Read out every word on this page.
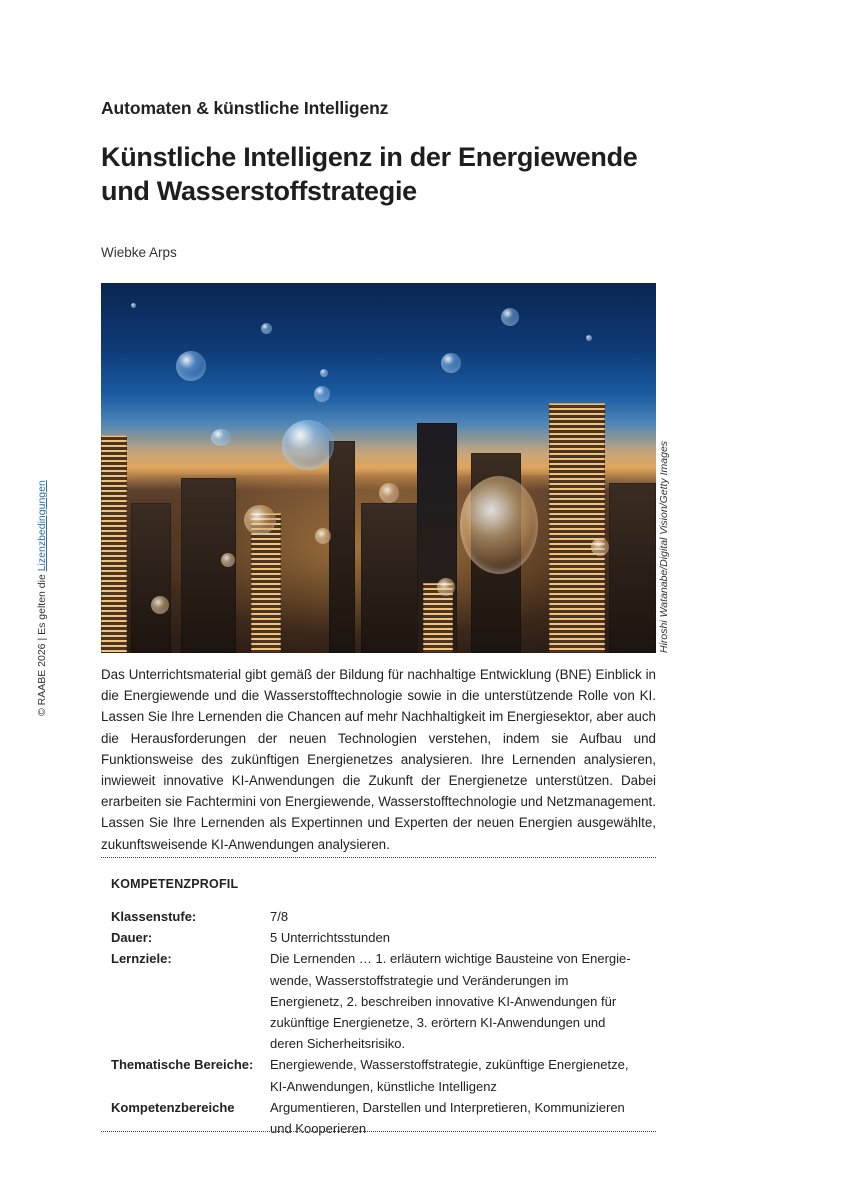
Automaten & künstliche Intelligenz
Künstliche Intelligenz in der Energiewende und Wasserstoffstrategie
Wiebke Arps
Hiroshi Watanabe/Digital Vision/Getty Images
© RAABE 2026 | Es gelten die Lizenzbedingungen

Das Unterrichtsmaterial gibt gemäß der Bildung für nachhaltige Entwicklung (BNE) Einblick in die Energiewende und die Wasserstofftechnologie sowie in die unterstützende Rolle von KI. Lassen Sie Ihre Lernenden die Chancen auf mehr Nachhaltigkeit im Energiesektor, aber auch die Herausforderungen der neuen Technologien verstehen, indem sie Aufbau und Funktionsweise des zukünftigen Energienetzes analysieren. Ihre Lernenden analysieren, inwieweit innovative KI-Anwendungen die Zukunft der Energienetze unterstützen. Dabei erarbeiten sie Fachtermini von Energiewende, Wasserstofftechnologie und Netzmanagement. Lassen Sie Ihre Lernenden als Expertinnen und Experten der neuen Energien ausgewählte, zukunftsweisende KI-Anwendungen analysieren.

KOMPETENZPROFIL
Klassenstufe:	7/8
Dauer:	5 Unterrichtsstunden
Lernziele:	Die Lernenden … 1. erläutern wichtige Bausteine von Energiewende, Wasserstoffstrategie und Veränderungen im Energienetz, 2. beschreiben innovative KI-Anwendungen für zukünftige Energienetze, 3. erörtern KI-Anwendungen und deren Sicherheitsrisiko.
Thematische Bereiche:	Energiewende, Wasserstoffstrategie, zukünftige Energienetze, KI-Anwendungen, künstliche Intelligenz
Kompetenzbereiche	Argumentieren, Darstellen und Interpretieren, Kommunizieren und Kooperieren
